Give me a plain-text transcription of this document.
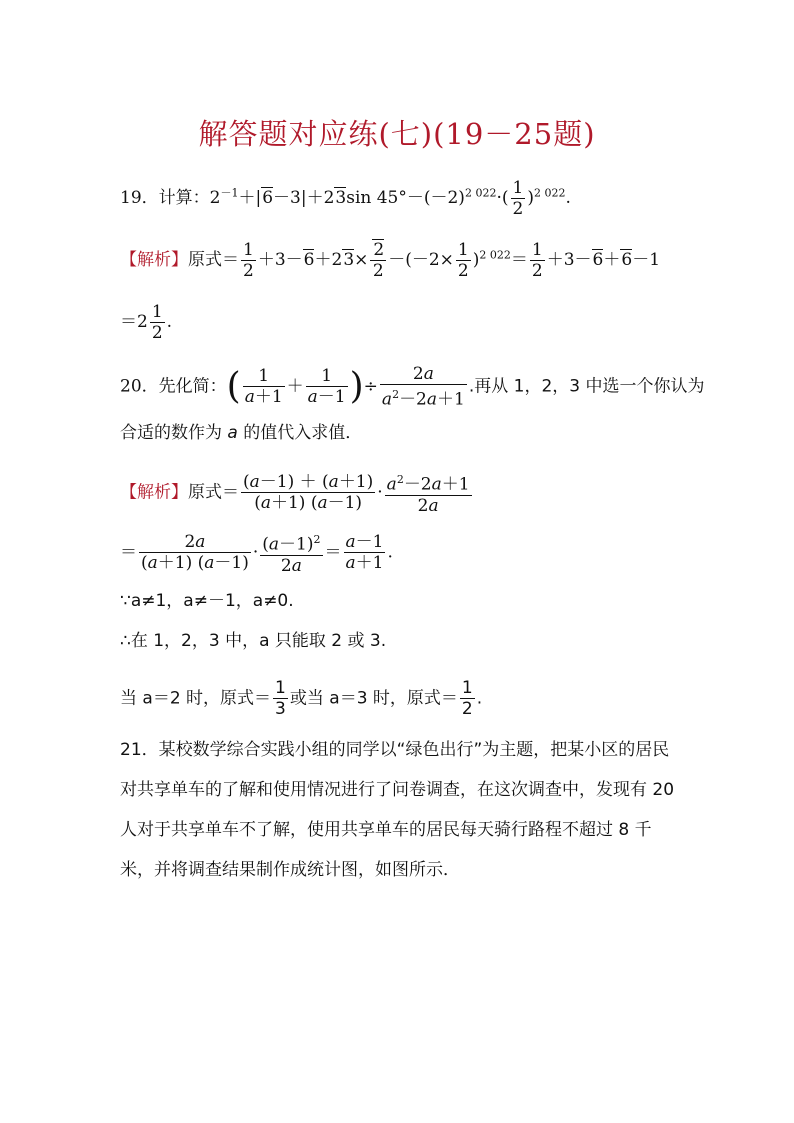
解答题对应练(七)(19－25题)
19．计算：$2^{-1}+|6-3|+23\sin$ $45^\circ-(-2)^{2 022}\cdot( \frac{1}{2} )^{2 022}$.
【解析】原式＝ $\frac{1}{2} +3-6+23\times \frac{2}{2} -(-2\times \frac{1}{2} )^{2 022}= \frac{1}{2} +3-6+6-1$
$=2 \frac{1}{2}$ .
20．先化简：( $\frac{1}{a+1} + \frac{1}{a-1}$ )÷ $\frac{2a}{a^2-2a+1}$ .再从 1，2，3 中选一个你认为
合适的数作为 a 的值代入求值．
【解析】原式＝ $\frac{(a-1) + (a+1)}{(a+1) (a-1)} \cdot \frac{a^2-2a+1}{2a}$
＝ $\frac{2a}{(a+1) (a-1)} \cdot \frac{(a-1)^2}{2a} = \frac{a-1}{a+1}$ .
∵a≠1，a≠－1，a≠0.
∴在 1，2，3 中，a 只能取 2 或 3.
当 a＝2 时，原式＝ $\frac{1}{3}$ 或当 a＝3 时，原式＝ $\frac{1}{2}$ .
21．某校数学综合实践小组的同学以“绿色出行”为主题，把某小区的居民对共享单车的了解和使用情况进行了问卷调查，在这次调查中，发现有 20 人对于共享单车不了解，使用共享单车的居民每天骑行路程不超过 8 千米，并将调查结果制作成统计图，如图所示．
